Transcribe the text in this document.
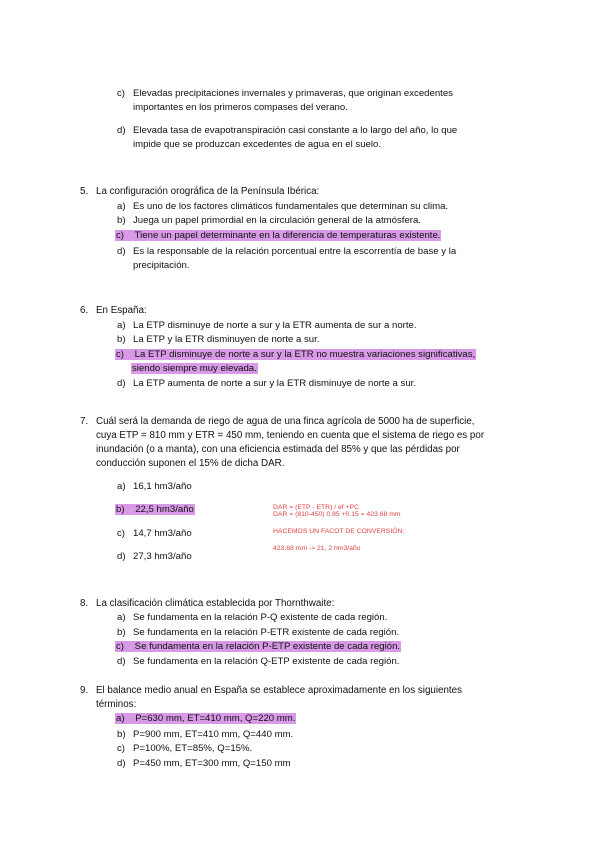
c) Elevadas precipitaciones invernales y primaveras, que originan excedentes
importantes en los primeros compases del verano.
d) Elevada tasa de evapotranspiración casi constante a lo largo del año, lo que
impide que se produzcan excedentes de agua en el suelo.
5. La configuración orográfica de la Península Ibérica:
a) Es uno de los factores climáticos fundamentales que determinan su clima.
b) Juega un papel primordial en la circulación general de la atmósfera.
c) Tiene un papel determinante en la diferencia de temperaturas existente.
d) Es la responsable de la relación porcentual entre la escorrentía de base y la
precipitación.
6. En España:
a) La ETP disminuye de norte a sur y la ETR aumenta de sur a norte.
b) La ETP y la ETR disminuyen de norte a sur.
c) La ETP disminuye de norte a sur y la ETR no muestra variaciones significativas,
siendo siempre muy elevada.
d) La ETP aumenta de norte a sur y la ETR disminuye de norte a sur.
7. Cuál será la demanda de riego de agua de una finca agrícola de 5000 ha de superficie,
cuya ETP = 810 mm y ETR = 450 mm, teniendo en cuenta que el sistema de riego es por
inundación (o a manta), con una eficiencia estimada del 85% y que las pérdidas por
conducción suponen el 15% de dicha DAR.
a) 16,1 hm3/año
b) 22,5 hm3/año
c) 14,7 hm3/año
d) 27,3 hm3/año
DAR = (ETP - ETR) / ef +PC
DAR = (810-450) 0.85 +0.15 = 423.68 mm
HACEMOS UN FACOT DE CONVERSIÓN:
423.68 mm -> 21, 2 hm3/año
8. La clasificación climática establecida por Thornthwaite:
a) Se fundamenta en la relación P-Q existente de cada región.
b) Se fundamenta en la relación P-ETR existente de cada región.
c) Se fundamenta en la relación P-ETP existente de cada región.
d) Se fundamenta en la relación Q-ETP existente de cada región.
9. El balance medio anual en España se establece aproximadamente en los siguientes
términos:
a) P=630 mm, ET=410 mm, Q=220 mm.
b) P=900 mm, ET=410 mm, Q=440 mm.
c) P=100%, ET=85%, Q=15%.
d) P=450 mm, ET=300 mm, Q=150 mm
